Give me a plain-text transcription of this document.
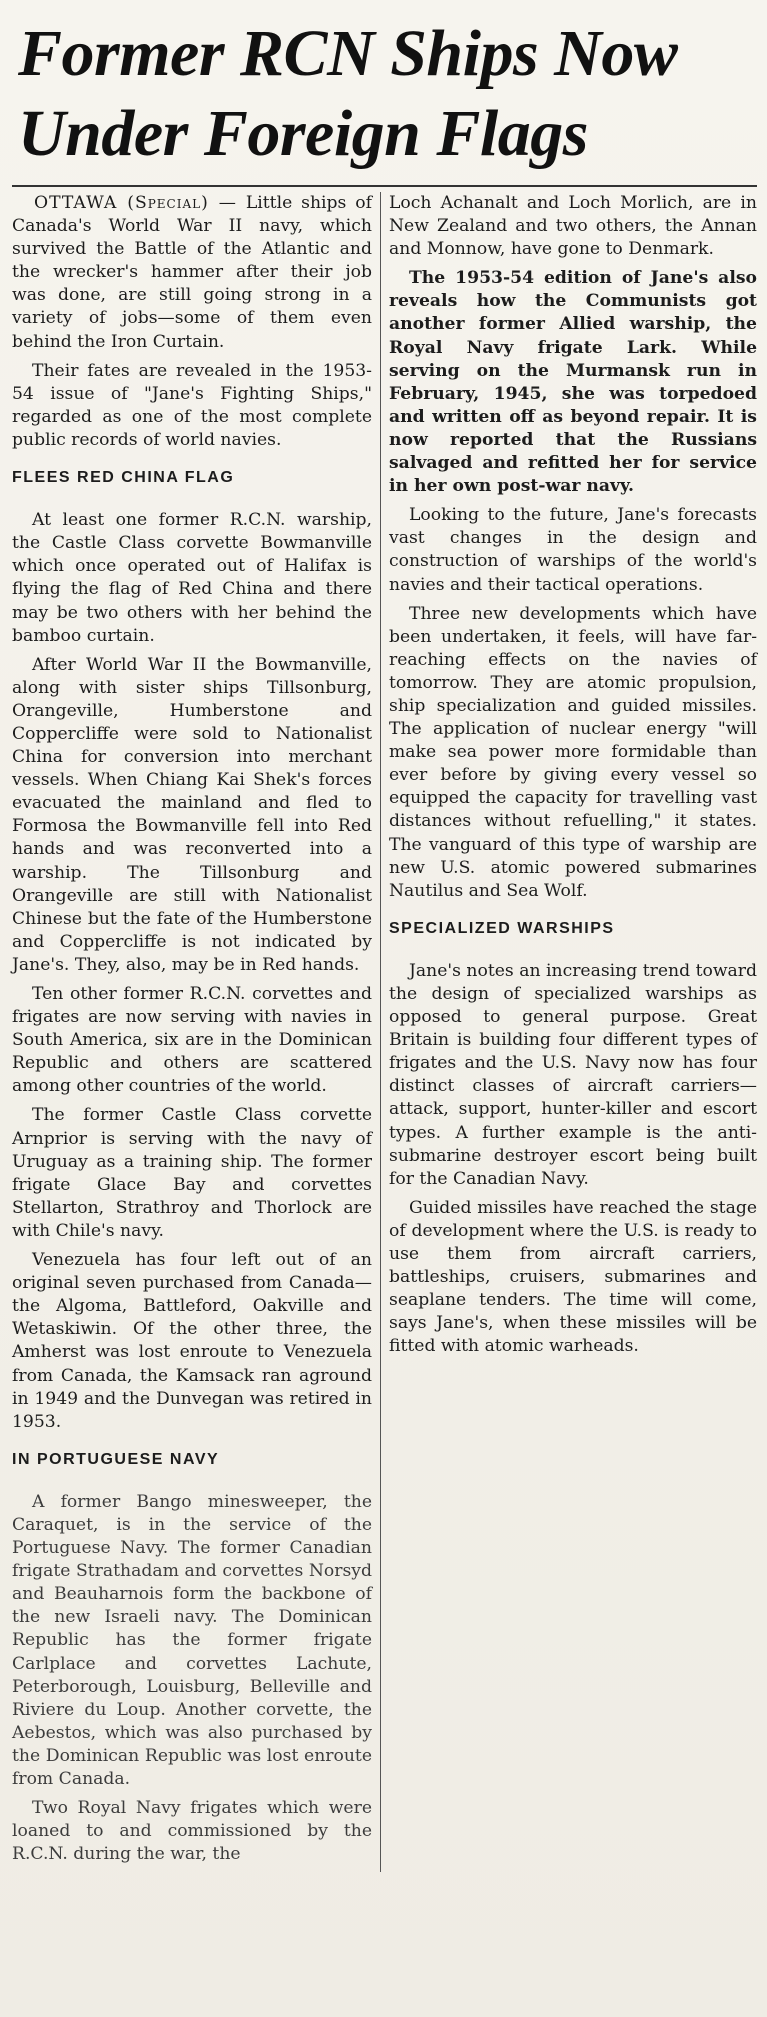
Former RCN Ships Now
Under Foreign Flags

OTTAWA (Special) — Little ships of Canada's World War II navy, which survived the Battle of the Atlantic and the wrecker's hammer after their job was done, are still going strong in a variety of jobs—some of them even behind the Iron Curtain.

Their fates are revealed in the 1953-54 issue of "Jane's Fighting Ships," regarded as one of the most complete public records of world navies.

FLEES RED CHINA FLAG

At least one former R.C.N. warship, the Castle Class corvette Bowmanville which once operated out of Halifax is flying the flag of Red China and there may be two others with her behind the bamboo curtain.

After World War II the Bowmanville, along with sister ships Tillsonburg, Orangeville, Humberstone and Coppercliffe were sold to Nationalist China for conversion into merchant vessels. When Chiang Kai Shek's forces evacuated the mainland and fled to Formosa the Bowmanville fell into Red hands and was reconverted into a warship. The Tillsonburg and Orangeville are still with Nationalist Chinese but the fate of the Humberstone and Coppercliffe is not indicated by Jane's. They, also, may be in Red hands.

Ten other former R.C.N. corvettes and frigates are now serving with navies in South America, six are in the Dominican Republic and others are scattered among other countries of the world.

The former Castle Class corvette Arnprior is serving with the navy of Uruguay as a training ship. The former frigate Glace Bay and corvettes Stellarton, Strathroy and Thorlock are with Chile's navy.

Venezuela has four left out of an original seven purchased from Canada—the Algoma, Battleford, Oakville and Wetaskiwin. Of the other three, the Amherst was lost enroute to Venezuela from Canada, the Kamsack ran aground in 1949 and the Dunvegan was retired in 1953.

IN PORTUGUESE NAVY

A former Bango minesweeper, the Caraquet, is in the service of the Portuguese Navy. The former Canadian frigate Strathadam and corvettes Norsyd and Beauharnois form the backbone of the new Israeli navy. The Dominican Republic has the former frigate Carlplace and corvettes Lachute, Peterborough, Louisburg, Belleville and Riviere du Loup. Another corvette, the Aebestos, which was also purchased by the Dominican Republic was lost enroute from Canada.

Two Royal Navy frigates which were loaned to and commissioned by the R.C.N. during the war, the

Loch Achanalt and Loch Morlich, are in New Zealand and two others, the Annan and Monnow, have gone to Denmark.

The 1953-54 edition of Jane's also reveals how the Communists got another former Allied warship, the Royal Navy frigate Lark. While serving on the Murmansk run in February, 1945, she was torpedoed and written off as beyond repair. It is now reported that the Russians salvaged and refitted her for service in her own post-war navy.

Looking to the future, Jane's forecasts vast changes in the design and construction of warships of the world's navies and their tactical operations.

Three new developments which have been undertaken, it feels, will have far-reaching effects on the navies of tomorrow. They are atomic propulsion, ship specialization and guided missiles. The application of nuclear energy "will make sea power more formidable than ever before by giving every vessel so equipped the capacity for travelling vast distances without refuelling," it states. The vanguard of this type of warship are new U.S. atomic powered submarines Nautilus and Sea Wolf.

SPECIALIZED WARSHIPS

Jane's notes an increasing trend toward the design of specialized warships as opposed to general purpose. Great Britain is building four different types of frigates and the U.S. Navy now has four distinct classes of aircraft carriers—attack, support, hunter-killer and escort types. A further example is the anti-submarine destroyer escort being built for the Canadian Navy.

Guided missiles have reached the stage of development where the U.S. is ready to use them from aircraft carriers, battleships, cruisers, submarines and seaplane tenders. The time will come, says Jane's, when these missiles will be fitted with atomic warheads.
